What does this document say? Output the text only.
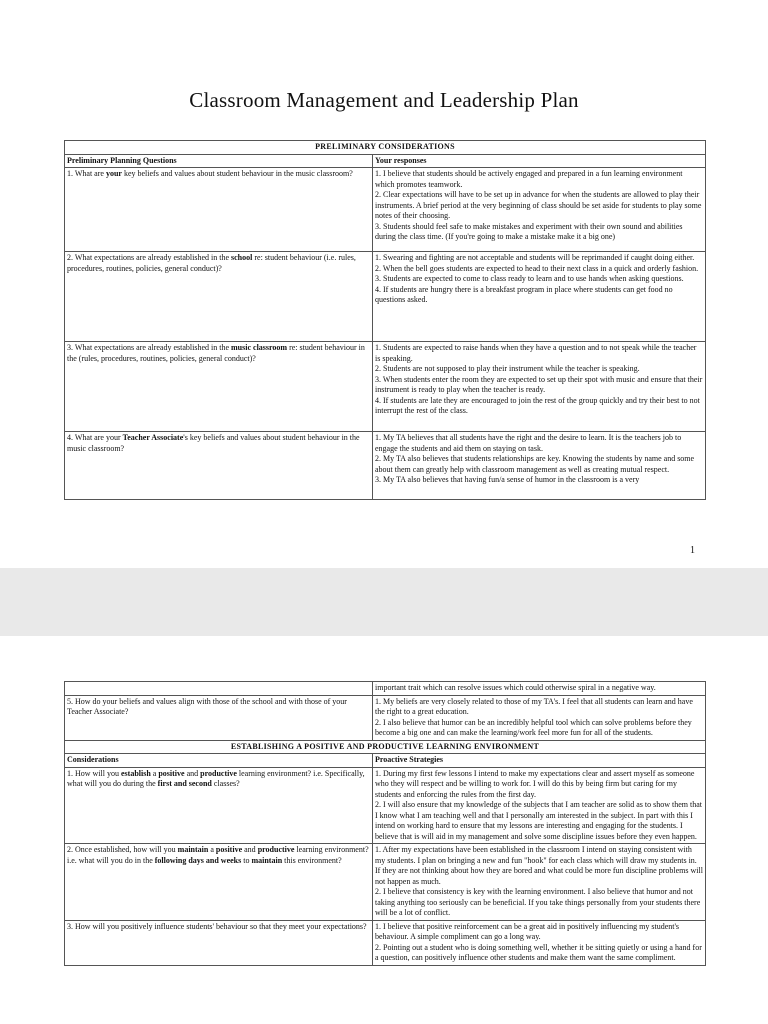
Classroom Management and Leadership Plan
PRELIMINARY CONSIDERATIONS	
Preliminary Planning Questions	Your responses
1. What are your key beliefs and values about student behaviour in the music classroom?	1. I believe that students should be actively engaged and prepared in a fun learning environment which promotes teamwork.
2. Clear expectations will have to be set up in advance for when the students are allowed to play their instruments. A brief period at the very beginning of class should be set aside for students to play some notes of their choosing.
3. Students should feel safe to make mistakes and experiment with their own sound and abilities during the class time. (If you're going to make a mistake make it a big one)

2. What expectations are already established in the school re: student behaviour (i.e. rules, procedures, routines, policies, general conduct)?	1. Swearing and fighting are not acceptable and students will be reprimanded if caught doing either.
2. When the bell goes students are expected to head to their next class in a quick and orderly fashion.
3. Students are expected to come to class ready to learn and to use hands when asking questions.
4. If students are hungry there is a breakfast program in place where students can get food no questions asked.

3. What expectations are already established in the music classroom re: student behaviour in the (rules, procedures, routines, policies, general conduct)?	1. Students are expected to raise hands when they have a question and to not speak while the teacher is speaking.
2. Students are not supposed to play their instrument while the teacher is speaking.
3. When students enter the room they are expected to set up their spot with music and ensure that their instrument is ready to play when the teacher is ready.
4. If students are late they are encouraged to join the rest of the group quickly and try their best to not interrupt the rest of the class.

4. What are your Teacher Associate's key beliefs and values about student behaviour in the music classroom?	1. My TA believes that all students have the right and the desire to learn. It is the teachers job to engage the students and aid them on staying on task.
2. My TA also believes that students relationships are key. Knowing the students by name and some about them can greatly help with classroom management as well as creating mutual respect.
3. My TA also believes that having fun/a sense of humor in the classroom is a very
1
	important trait which can resolve issues which could otherwise spiral in a negative way.
5. How do your beliefs and values align with those of the school and with those of your Teacher Associate?	1. My beliefs are very closely related to those of my TA's. I feel that all students can learn and have the right to a great education.
2. I also believe that humor can be an incredibly helpful tool which can solve problems before they become a big one and can make the learning/work feel more fun for all of the students.

ESTABLISHING A POSITIVE AND PRODUCTIVE LEARNING ENVIRONMENT	
Considerations	Proactive Strategies
1. How will you establish a positive and productive learning environment? i.e. Specifically, what will you do during the first and second classes?	1. During my first few lessons I intend to make my expectations clear and assert myself as someone who they will respect and be willing to work for. I will do this by being firm but caring for my students and enforcing the rules from the first day.
2. I will also ensure that my knowledge of the subjects that I am teacher are solid as to show them that I know what I am teaching well and that I personally am interested in the subject. In part with this I intend on working hard to ensure that my lessons are interesting and engaging for the students. I believe that is will aid in my management and solve some discipline issues before they even happen.

2. Once established, how will you maintain a positive and productive learning environment? i.e. what will you do in the following days and weeks to maintain this environment?	1. After my expectations have been established in the classroom I intend on staying consistent with my students. I plan on bringing a new and fun "hook" for each class which will draw my students in. If they are not thinking about how they are bored and what could be more fun discipline problems will not happen as much.
2. I believe that consistency is key with the learning environment. I also believe that humor and not taking anything too seriously can be beneficial. If you take things personally from your students there will be a lot of conflict.

3. How will you positively influence students' behaviour so that they meet your expectations?	1. I believe that positive reinforcement can be a great aid in positively influencing my student's behaviour. A simple compliment can go a long way.
2. Pointing out a student who is doing something well, whether it be sitting quietly or using a hand for a question, can positively influence other students and make them want the same compliment.
